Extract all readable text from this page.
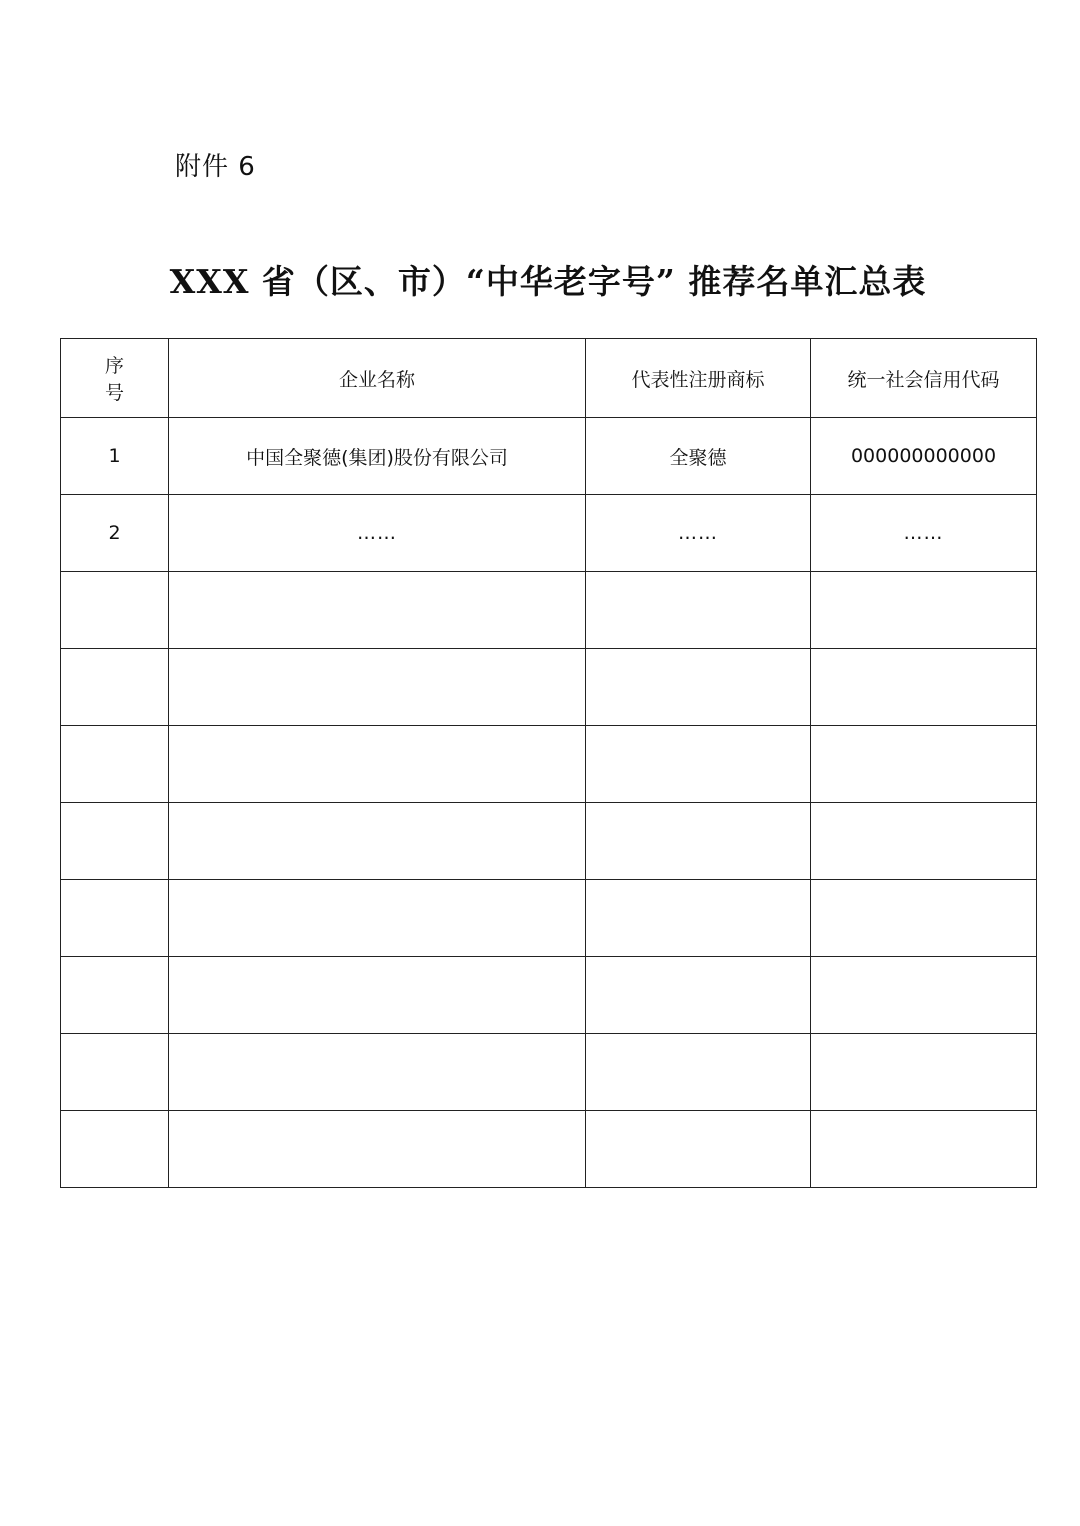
附件 6
XXX 省（区、市）“中华老字号” 推荐名单汇总表
序 号	企业名称	代表性注册商标	统一社会信用代码
1	中国全聚德(集团)股份有限公司	全聚德	000000000000
2	……	……	……
